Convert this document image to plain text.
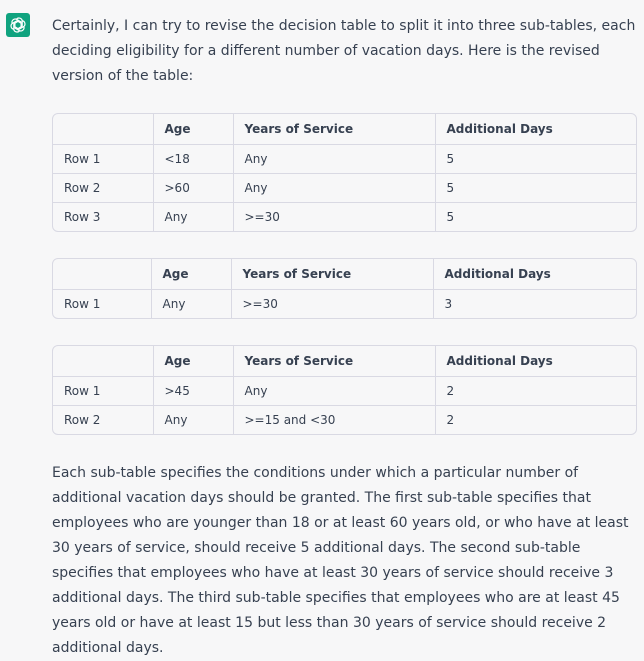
Certainly, I can try to revise the decision table to split it into three sub-tables, each deciding eligibility for a different number of vacation days. Here is the revised version of the table:

	Age	Years of Service	Additional Days
Row 1	<18	Any	5
Row 2	>60	Any	5
Row 3	Any	>=30	5
	Age	Years of Service	Additional Days
Row 1	Any	>=30	3
	Age	Years of Service	Additional Days
Row 1	>45	Any	2
Row 2	Any	>=15 and <30	2

Each sub-table specifies the conditions under which a particular number of additional vacation days should be granted. The first sub-table specifies that employees who are younger than 18 or at least 60 years old, or who have at least 30 years of service, should receive 5 additional days. The second sub-table specifies that employees who have at least 30 years of service should receive 3 additional days. The third sub-table specifies that employees who are at least 45 years old or have at least 15 but less than 30 years of service should receive 2 additional days.
